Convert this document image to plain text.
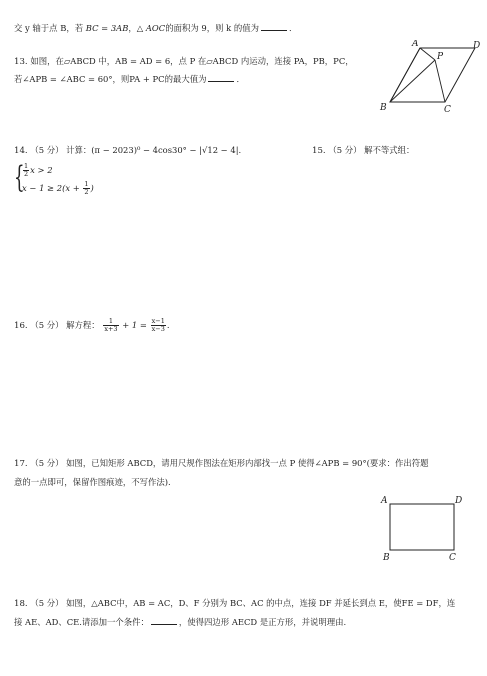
交 y 轴于点 B，若 BC = 3AB，△ AOC的面积为 9，则 k 的值为	．
13. 如图，在▱ABCD 中，AB = AD = 6，点 P 在▱ABCD 内运动，连接 PA，PB，PC，
若∠APB = ∠ABC = 60°，则PA + PC的最大值为	．
A	D
P
B	C
14. （5 分） 计算：(π − 2023)⁰ − 4cos30° − |√12 − 4|.	15. （5 分） 解不等式组：
{
$\frac{1}{2}$ x > 2
$x - 1 \ge 2(x + \frac{1}{2}$ )
16. （5 分） 解方程： $\frac{1}{x+3} + 1 = \frac{x-1}{x-3}$ .
17. （5 分） 如图，已知矩形 ABCD，请用尺规作图法在矩形内部找一点 P 使得∠APB = 90°(要求：作出符题
意的一点即可，保留作图痕迹，不写作法).
A	D
B	C
18. （5 分） 如图，△ABC中，AB = AC，D、F 分别为 BC、AC 的中点，连接 DF 并延长到点 E，使FE = DF，连
接 AE、AD、CE.请添加一个条件：	，使得四边形 AECD 是正方形，并说明理由.
